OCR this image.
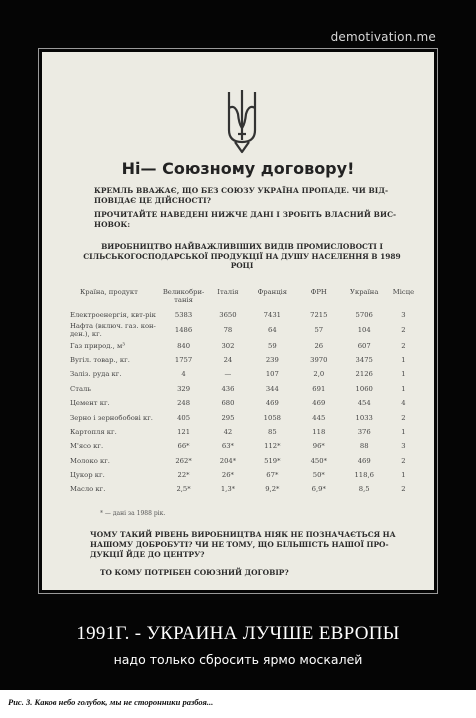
demotivation.me
Ні— Союзному договору!
КРЕМЛЬ ВВАЖАЄ, ЩО БЕЗ СОЮЗУ УКРАЇНА ПРОПАДЕ. ЧИ ВІД-ПОВІДАЄ ЦЕ ДІЙСНОСТІ?
ПРОЧИТАЙТЕ НАВЕДЕНІ НИЖЧЕ ДАНІ І ЗРОБІТЬ ВЛАСНИЙ ВИС-НОВОК:
ВИРОБНИЦТВО НАЙВАЖЛИВІШИХ ВИДІВ ПРОМИСЛОВОСТІ І СІЛЬСЬКОГОСПОДАРСЬКОЇ ПРОДУКЦІЇ НА ДУШУ НАСЕЛЕННЯ В 1989 РОЦІ
Країна, продукт	Великобри-танія	Італія	Франція	ФРН	Україна	Місце
Електроенергія, квт-рік	5383	3650	7431	7215	5706	3
Нафта (включ. газ. кон-ден.), кг.	1486	78	64	57	104	2
Газ природ., м³	840	302	59	26	607	2
Вугіл. товар., кг.	1757	24	239	3970	3475	1
Заліз. руда кг.	4	—	107	2,0	2126	1
Сталь	329	436	344	691	1060	1
Цемент кг.	248	680	469	469	454	4
Зерно і зернобобові кг.	405	295	1058	445	1033	2
Картопля кг.	121	42	85	118	376	1
М'ясо кг.	66*	63*	112*	96*	88	3
Молоко кг.	262*	204*	519*	450*	469	2
Цукор кг.	22*	26*	67*	50*	118,6	1
Масло кг.	2,5*	1,3*	9,2*	6,9*	8,5	2
* — дані за 1988 рік.
ЧОМУ ТАКИЙ РІВЕНЬ ВИРОБНИЦТВА НІЯК НЕ ПОЗНАЧАЄТЬСЯ НА НАШОМУ ДОБРОБУТІ? ЧИ НЕ ТОМУ, ЩО БІЛЬШІСТЬ НАШОЇ ПРО-ДУКЦІЇ ЙДЕ ДО ЦЕНТРУ?
ТО КОМУ ПОТРІБЕН СОЮЗНИЙ ДОГОВІР?
1991Г. - УКРАИНА ЛУЧШЕ ЕВРОПЫ
надо только сбросить ярмо москалей
Рис. 3. Каков небо голубок, мы не сторонники разбоя...
